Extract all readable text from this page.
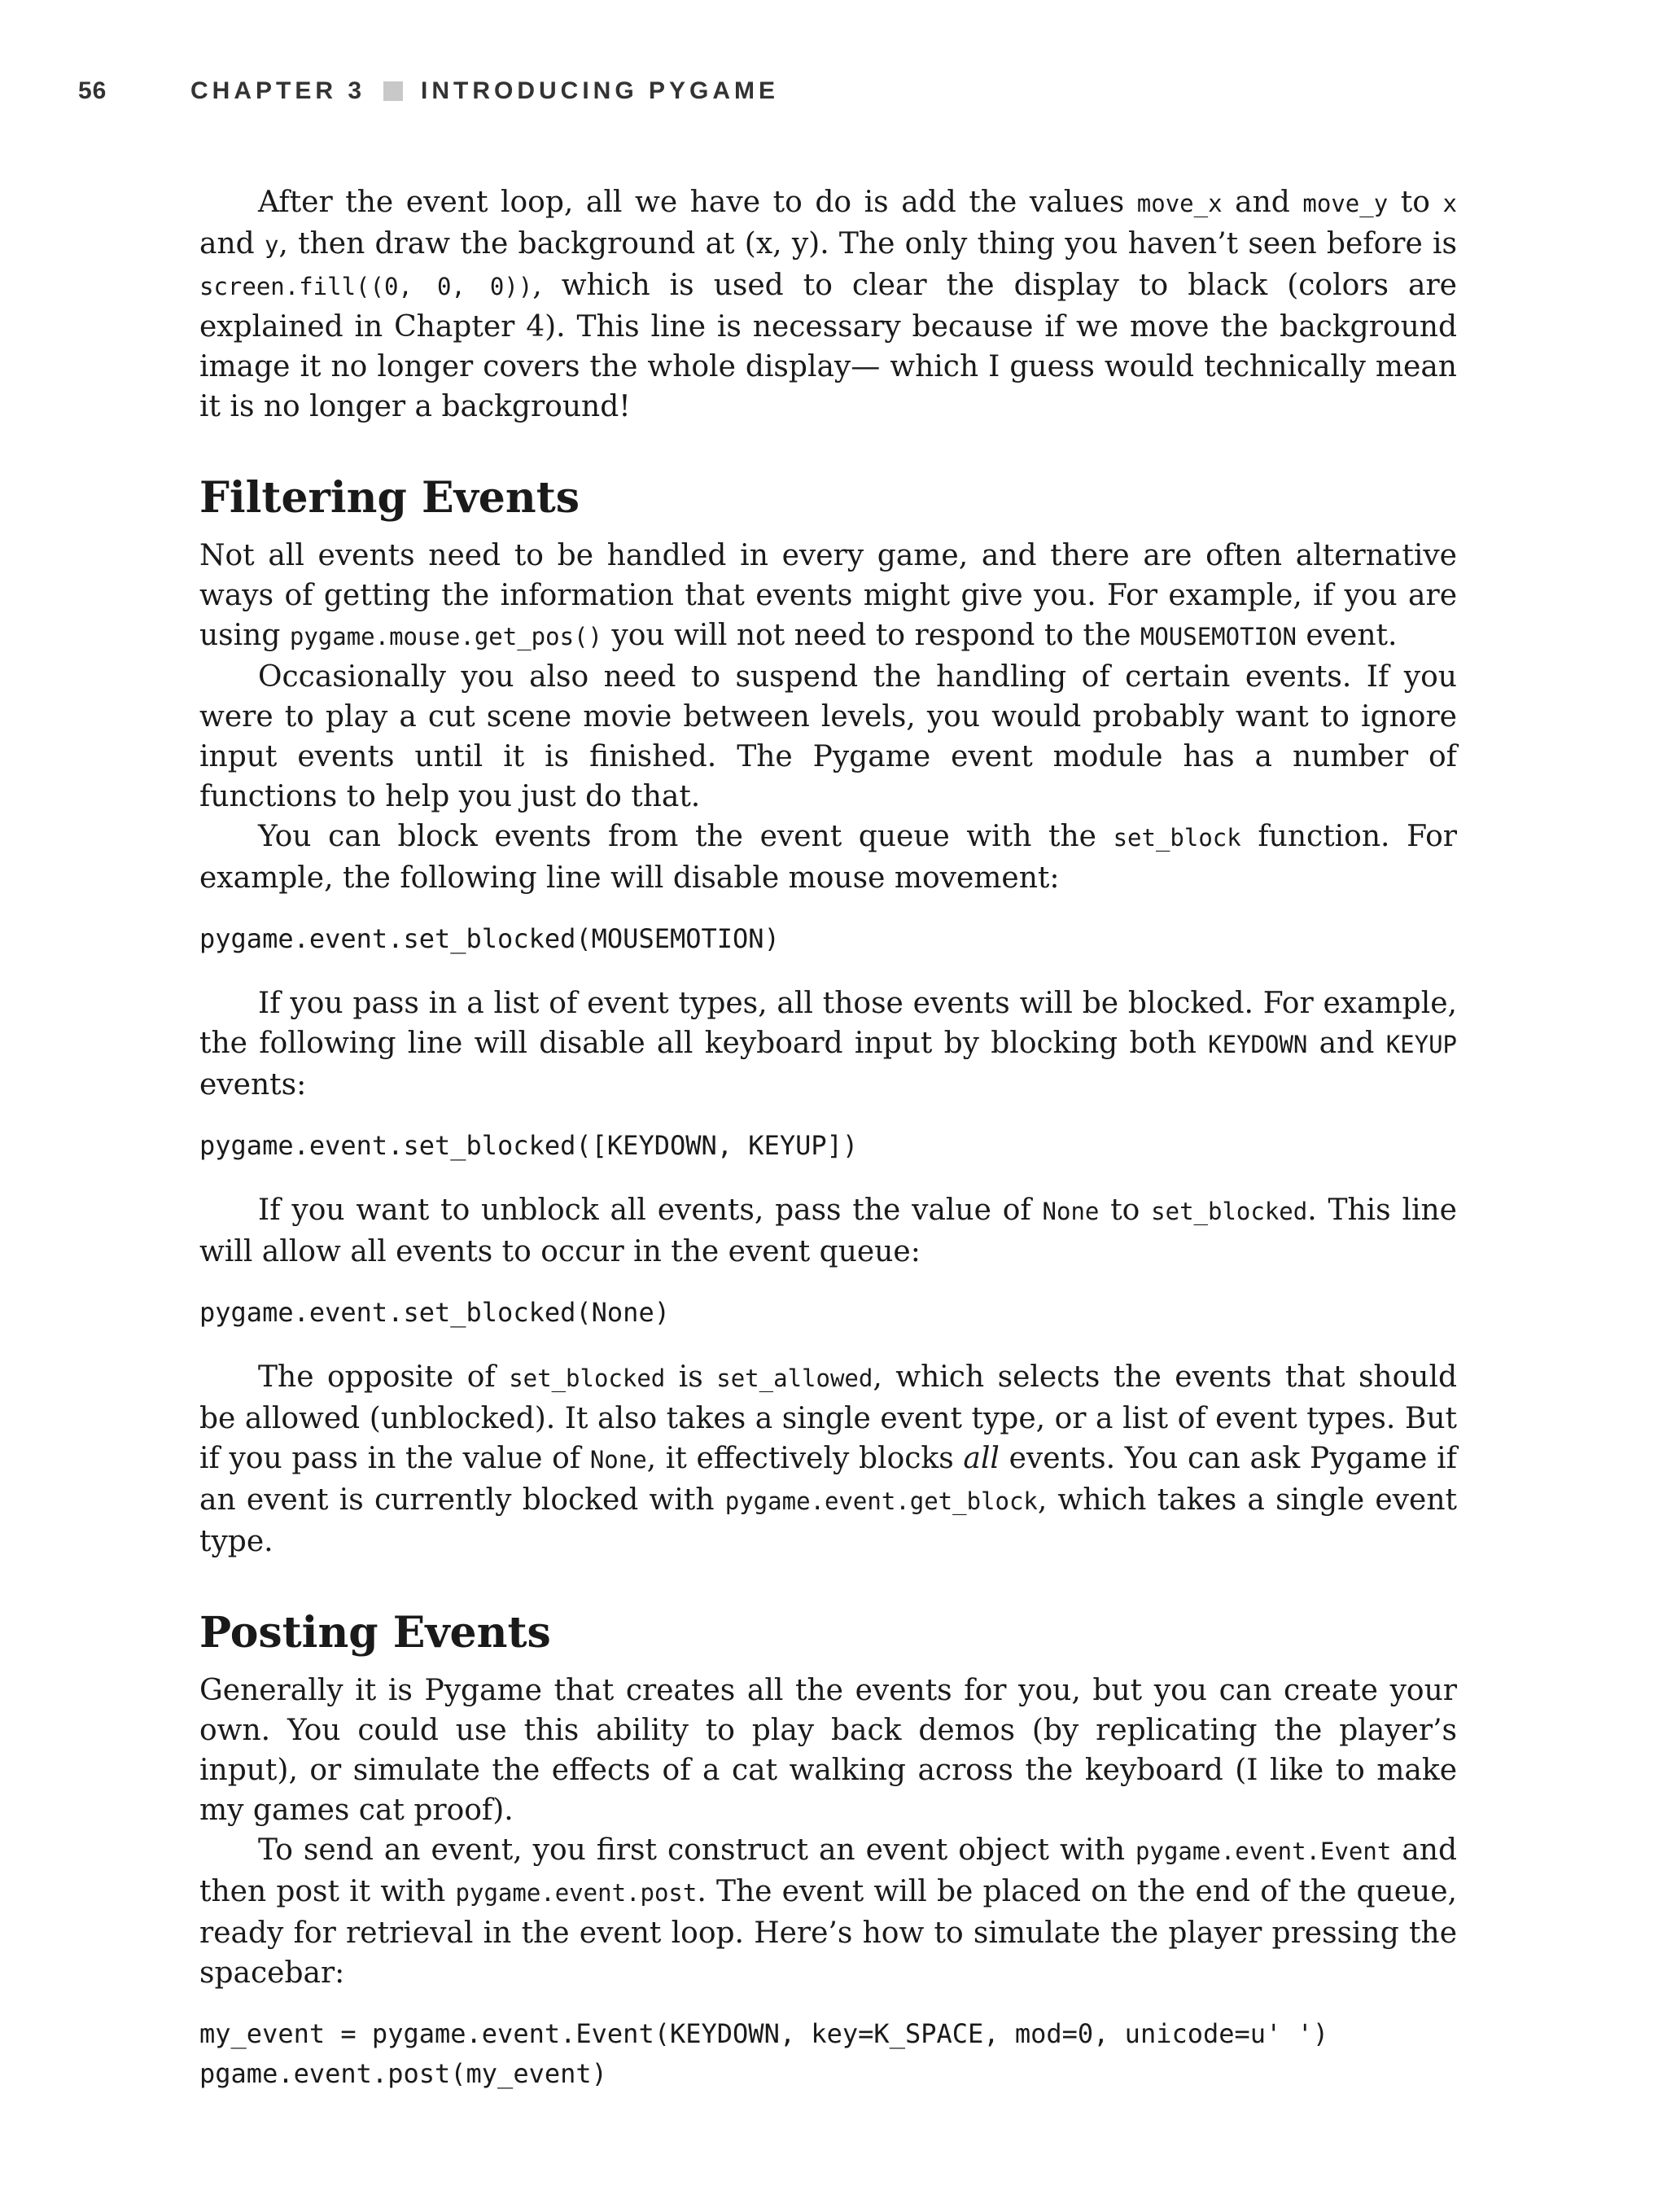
56	CHAPTER 3 INTRODUCING PYGAME

After the event loop, all we have to do is add the values move_x and move_y to x and y, then draw the background at (x, y). The only thing you haven’t seen before is screen.fill((0, 0, 0)), which is used to clear the display to black (colors are explained in Chapter 4). This line is necessary because if we move the background image it no longer covers the whole display— which I guess would technically mean it is no longer a background!

Filtering Events

Not all events need to be handled in every game, and there are often alternative ways of getting the information that events might give you. For example, if you are using pygame.mouse.get_pos() you will not need to respond to the MOUSEMOTION event.

Occasionally you also need to suspend the handling of certain events. If you were to play a cut scene movie between levels, you would probably want to ignore input events until it is finished. The Pygame event module has a number of functions to help you just do that.

You can block events from the event queue with the set_block function. For example, the following line will disable mouse movement:

pygame.event.set_blocked(MOUSEMOTION)

If you pass in a list of event types, all those events will be blocked. For example, the following line will disable all keyboard input by blocking both KEYDOWN and KEYUP events:

pygame.event.set_blocked([KEYDOWN, KEYUP])

If you want to unblock all events, pass the value of None to set_blocked. This line will allow all events to occur in the event queue:

pygame.event.set_blocked(None)

The opposite of set_blocked is set_allowed, which selects the events that should be allowed (unblocked). It also takes a single event type, or a list of event types. But if you pass in the value of None, it effectively blocks all events. You can ask Pygame if an event is currently blocked with pygame.event.get_block, which takes a single event type.

Posting Events

Generally it is Pygame that creates all the events for you, but you can create your own. You could use this ability to play back demos (by replicating the player’s input), or simulate the effects of a cat walking across the keyboard (I like to make my games cat proof).

To send an event, you first construct an event object with pygame.event.Event and then post it with pygame.event.post. The event will be placed on the end of the queue, ready for retrieval in the event loop. Here’s how to simulate the player pressing the spacebar:

my_event = pygame.event.Event(KEYDOWN, key=K_SPACE, mod=0, unicode=u' ')
pgame.event.post(my_event)
